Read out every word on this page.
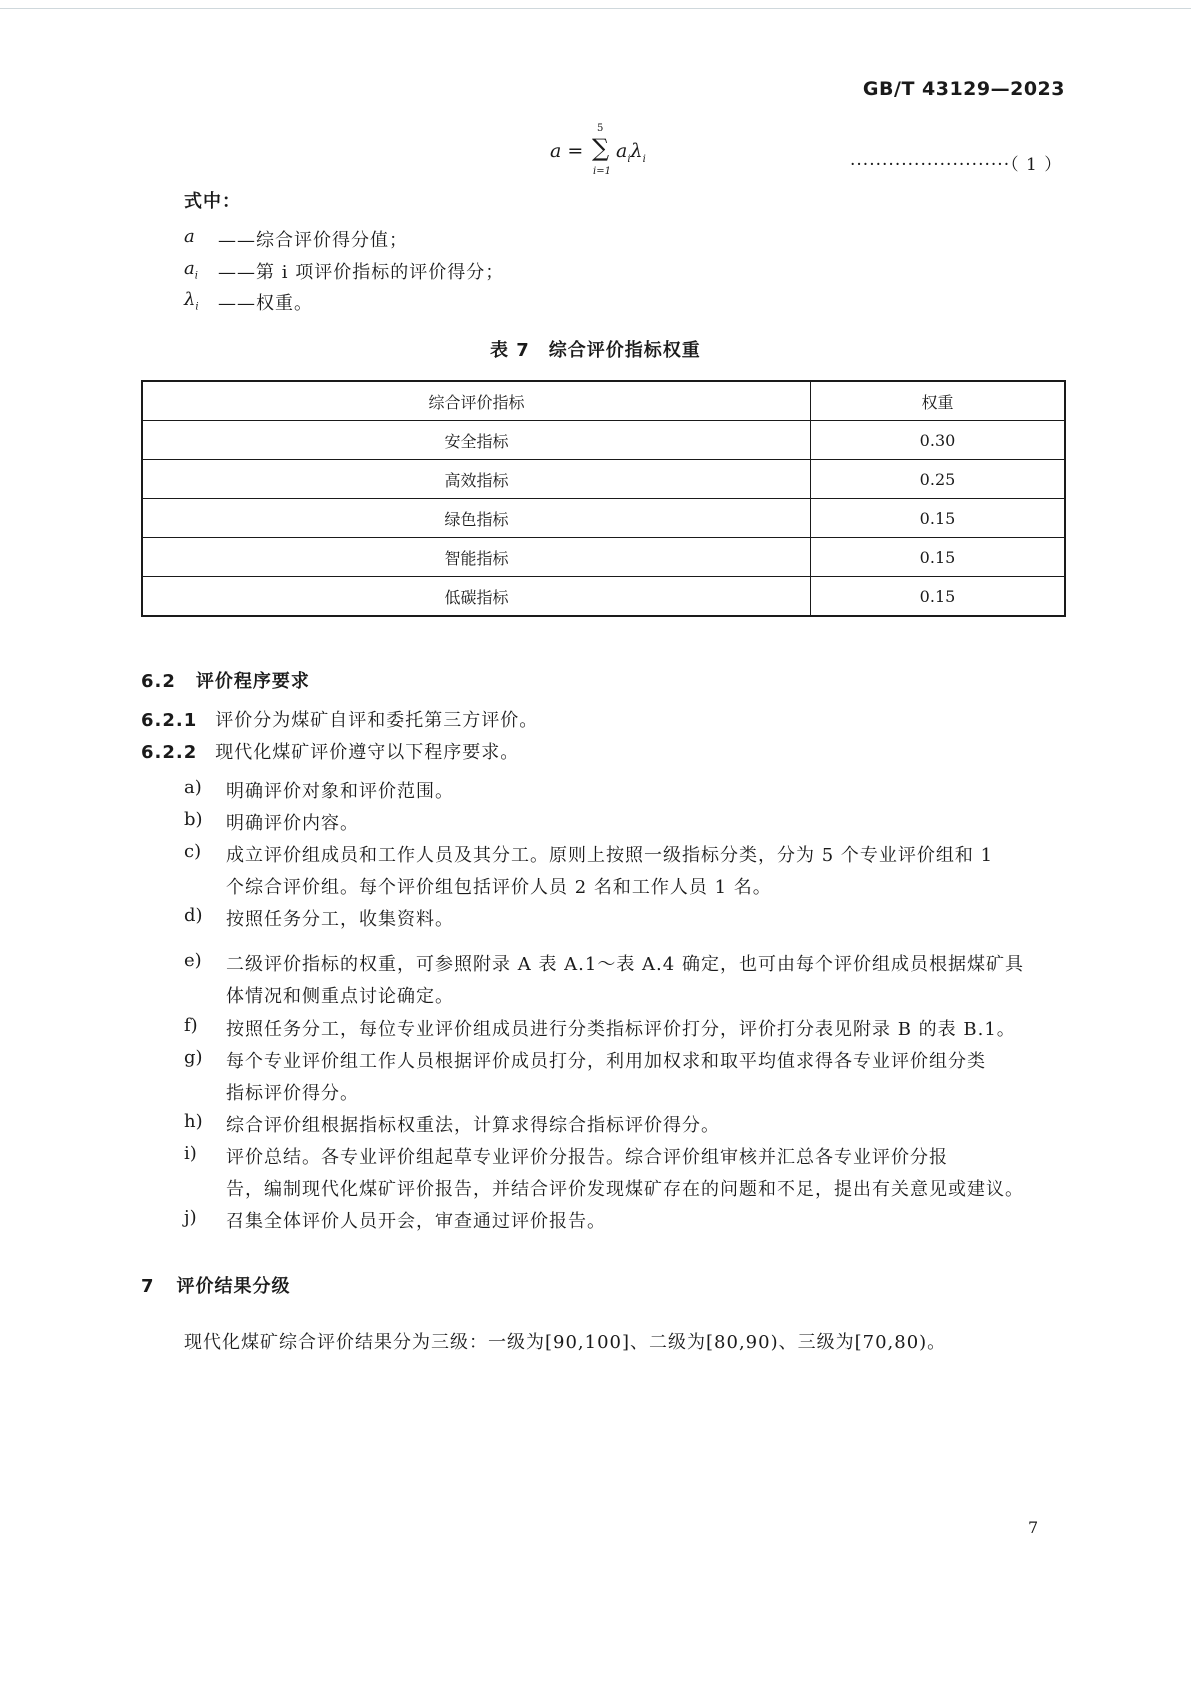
GB/T 43129—2023
a =
5
∑
i=1
$a_i\lambda_i$	·························（ 1 ）
式中：
a ——综合评价得分值；
$a_i$ ——第 i 项评价指标的评价得分；
$\lambda_i$ ——权重。
表 7　综合评价指标权重
综合评价指标	权重
安全指标	0.30
高效指标	0.25
绿色指标	0.15
智能指标	0.15
低碳指标	0.15
6.2 评价程序要求
6.2.1 评价分为煤矿自评和委托第三方评价。
6.2.2 现代化煤矿评价遵守以下程序要求。
a) 明确评价对象和评价范围。
b) 明确评价内容。
c) 成立评价组成员和工作人员及其分工。原则上按照一级指标分类，分为 5 个专业评价组和 1
个综合评价组。每个评价组包括评价人员 2 名和工作人员 1 名。
d) 按照任务分工，收集资料。
e) 二级评价指标的权重，可参照附录 A 表 A.1～表 A.4 确定，也可由每个评价组成员根据煤矿具
体情况和侧重点讨论确定。
f) 按照任务分工，每位专业评价组成员进行分类指标评价打分，评价打分表见附录 B 的表 B.1。
g) 每个专业评价组工作人员根据评价成员打分，利用加权求和取平均值求得各专业评价组分类
指标评价得分。
h) 综合评价组根据指标权重法，计算求得综合指标评价得分。
i) 评价总结。各专业评价组起草专业评价分报告。综合评价组审核并汇总各专业评价分报
告，编制现代化煤矿评价报告，并结合评价发现煤矿存在的问题和不足，提出有关意见或建议。
j) 召集全体评价人员开会，审查通过评价报告。
7 评价结果分级
现代化煤矿综合评价结果分为三级：一级为[90,100]、二级为[80,90)、三级为[70,80)。
7
